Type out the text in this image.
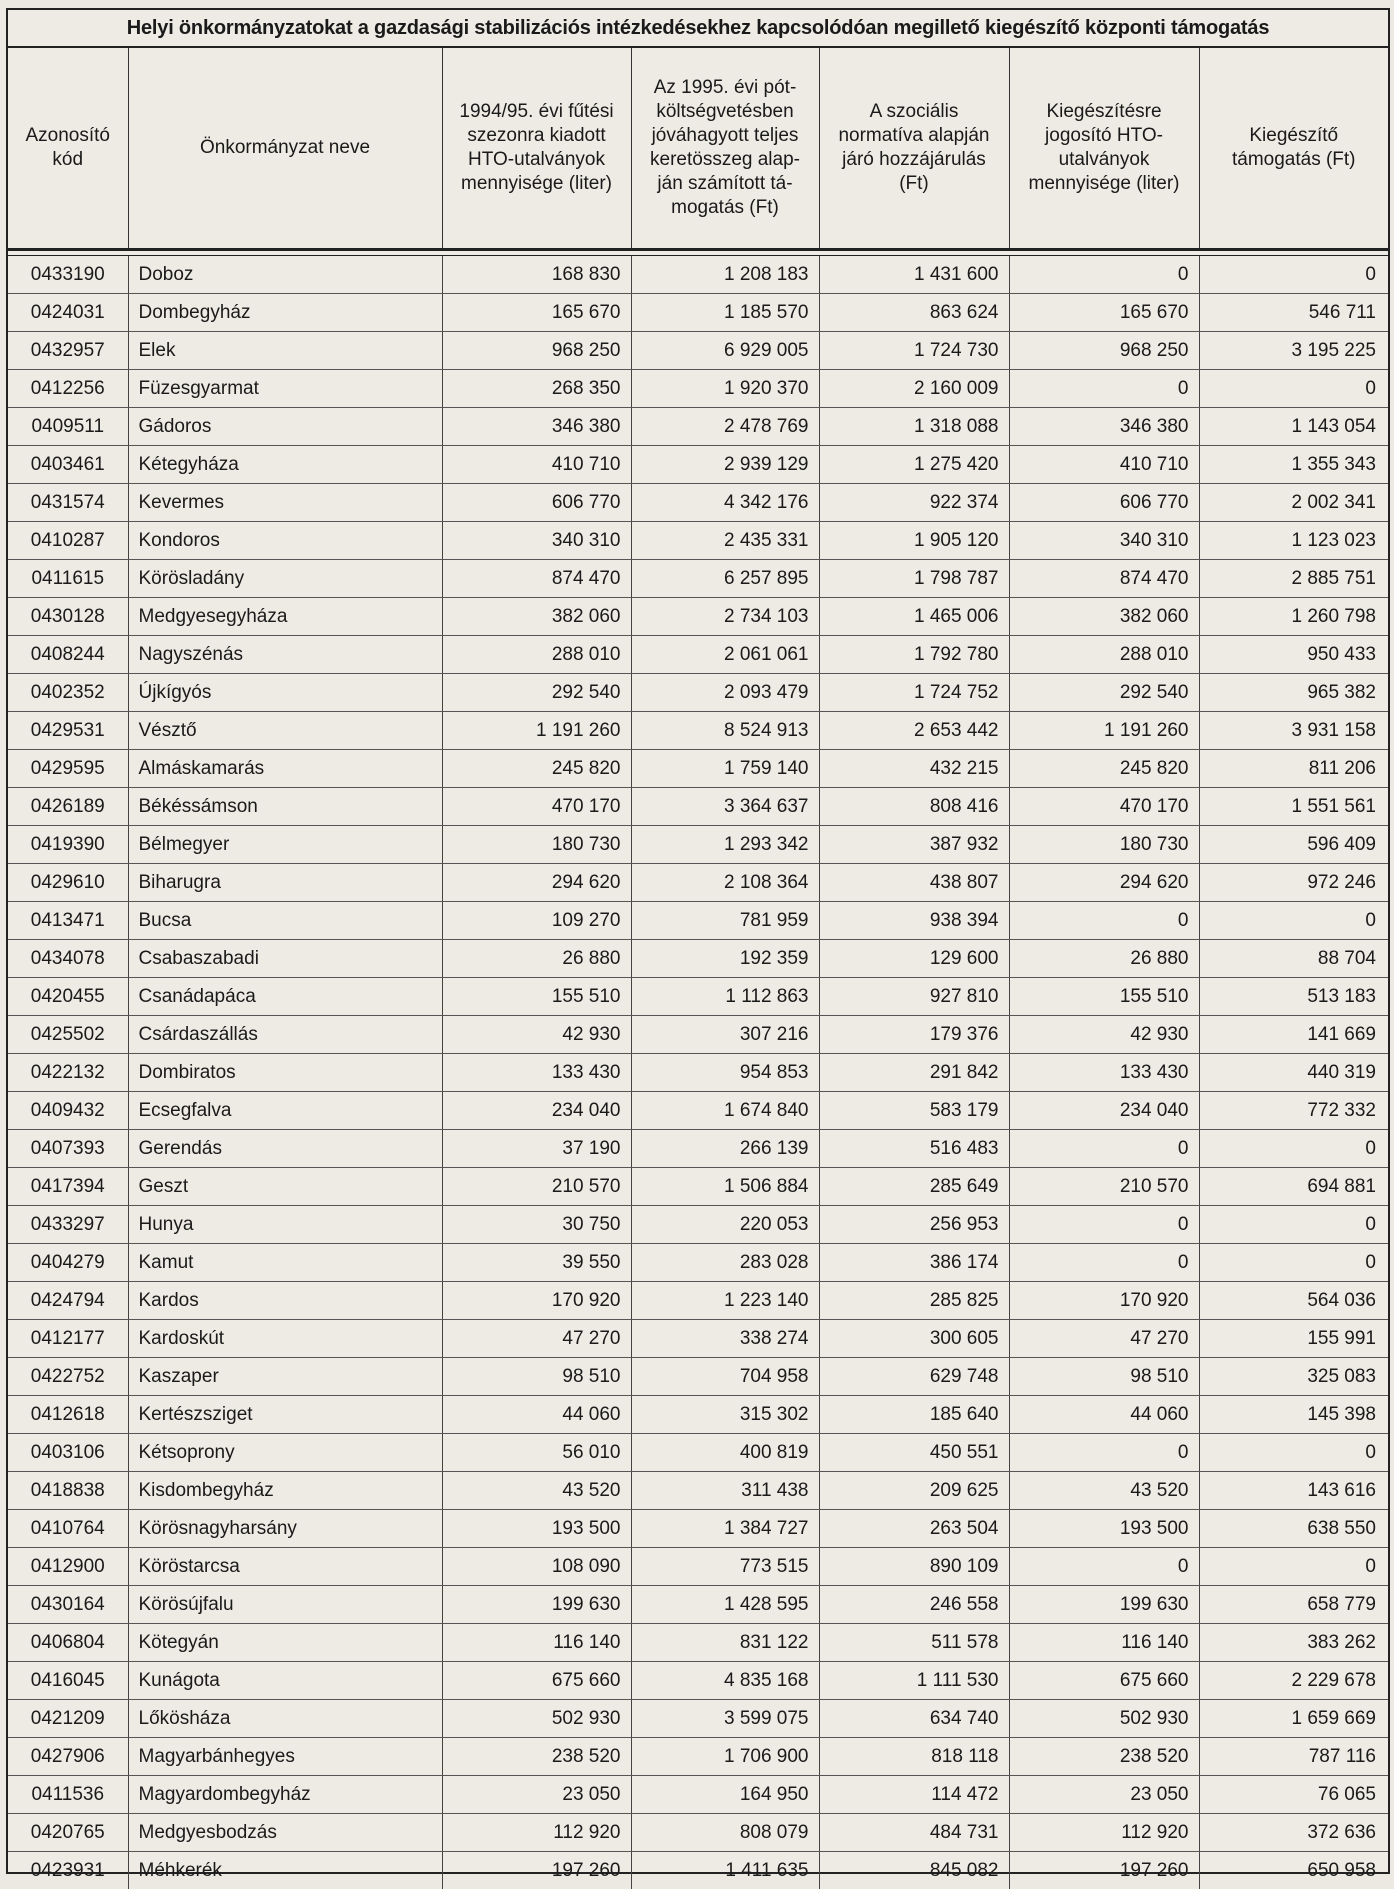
Helyi önkormányzatokat a gazdasági stabilizációs intézkedésekhez kapcsolódóan megillető kiegészítő központi támogatás
Azonosító kód	Önkormányzat neve	1994/95. évi fűtési szezonra kiadott HTO-utalványok mennyisége (liter)	Az 1995. évi pót-költségvetésben jóváhagyott teljes keretösszeg alap-ján számított tá-mogatás (Ft)	A szociális normatíva alapján járó hozzájárulás (Ft)	Kiegészítésre jogosító HTO-utalványok mennyisége (liter)	Kiegészítő támogatás (Ft)
0433190	Doboz	168 830	1 208 183	1 431 600	0	0
0424031	Dombegyház	165 670	1 185 570	863 624	165 670	546 711
0432957	Elek	968 250	6 929 005	1 724 730	968 250	3 195 225
0412256	Füzesgyarmat	268 350	1 920 370	2 160 009	0	0
0409511	Gádoros	346 380	2 478 769	1 318 088	346 380	1 143 054
0403461	Kétegyháza	410 710	2 939 129	1 275 420	410 710	1 355 343
0431574	Kevermes	606 770	4 342 176	922 374	606 770	2 002 341
0410287	Kondoros	340 310	2 435 331	1 905 120	340 310	1 123 023
0411615	Körösladány	874 470	6 257 895	1 798 787	874 470	2 885 751
0430128	Medgyesegyháza	382 060	2 734 103	1 465 006	382 060	1 260 798
0408244	Nagyszénás	288 010	2 061 061	1 792 780	288 010	950 433
0402352	Újkígyós	292 540	2 093 479	1 724 752	292 540	965 382
0429531	Vésztő	1 191 260	8 524 913	2 653 442	1 191 260	3 931 158
0429595	Almáskamarás	245 820	1 759 140	432 215	245 820	811 206
0426189	Békéssámson	470 170	3 364 637	808 416	470 170	1 551 561
0419390	Bélmegyer	180 730	1 293 342	387 932	180 730	596 409
0429610	Biharugra	294 620	2 108 364	438 807	294 620	972 246
0413471	Bucsa	109 270	781 959	938 394	0	0
0434078	Csabaszabadi	26 880	192 359	129 600	26 880	88 704
0420455	Csanádapáca	155 510	1 112 863	927 810	155 510	513 183
0425502	Csárdaszállás	42 930	307 216	179 376	42 930	141 669
0422132	Dombiratos	133 430	954 853	291 842	133 430	440 319
0409432	Ecsegfalva	234 040	1 674 840	583 179	234 040	772 332
0407393	Gerendás	37 190	266 139	516 483	0	0
0417394	Geszt	210 570	1 506 884	285 649	210 570	694 881
0433297	Hunya	30 750	220 053	256 953	0	0
0404279	Kamut	39 550	283 028	386 174	0	0
0424794	Kardos	170 920	1 223 140	285 825	170 920	564 036
0412177	Kardoskút	47 270	338 274	300 605	47 270	155 991
0422752	Kaszaper	98 510	704 958	629 748	98 510	325 083
0412618	Kertészsziget	44 060	315 302	185 640	44 060	145 398
0403106	Kétsoprony	56 010	400 819	450 551	0	0
0418838	Kisdombegyház	43 520	311 438	209 625	43 520	143 616
0410764	Körösnagyharsány	193 500	1 384 727	263 504	193 500	638 550
0412900	Köröstarcsa	108 090	773 515	890 109	0	0
0430164	Körösújfalu	199 630	1 428 595	246 558	199 630	658 779
0406804	Kötegyán	116 140	831 122	511 578	116 140	383 262
0416045	Kunágota	675 660	4 835 168	1 111 530	675 660	2 229 678
0421209	Lőkösháza	502 930	3 599 075	634 740	502 930	1 659 669
0427906	Magyarbánhegyes	238 520	1 706 900	818 118	238 520	787 116
0411536	Magyardombegyház	23 050	164 950	114 472	23 050	76 065
0420765	Medgyesbodzás	112 920	808 079	484 731	112 920	372 636
0423931	Méhkerék	197 260	1 411 635	845 082	197 260	650 958
